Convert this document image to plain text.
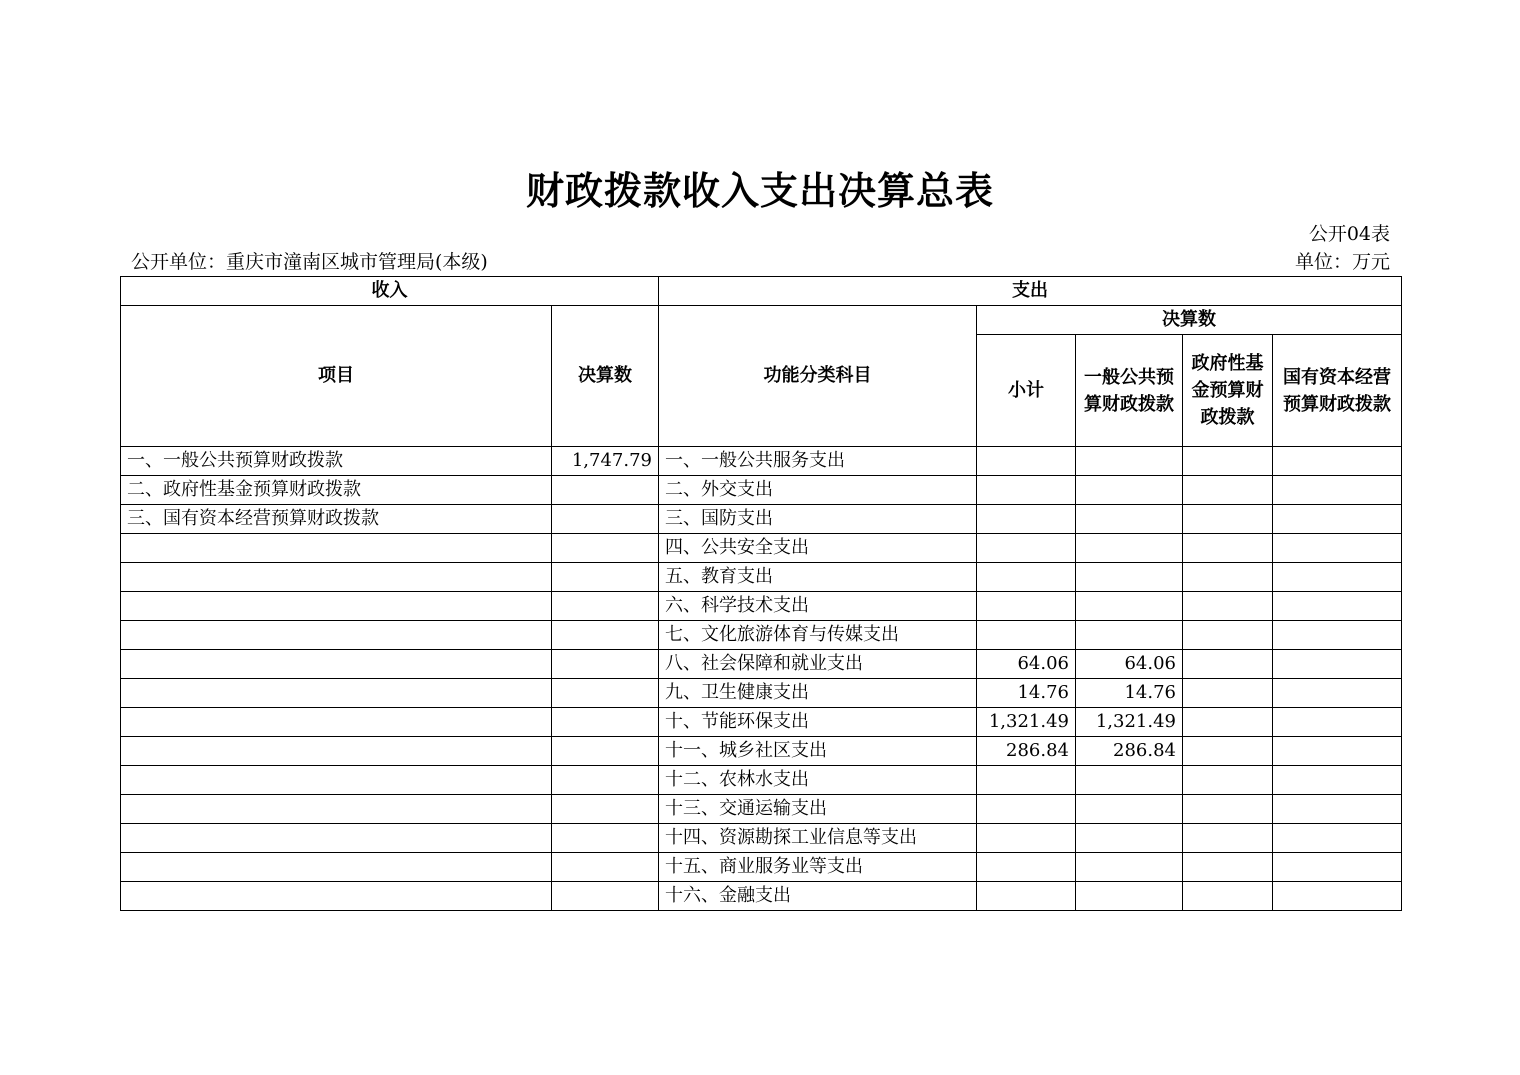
财政拨款收入支出决算总表
公开04表
公开单位：重庆市潼南区城市管理局(本级)	单位：万元
收入		支出				
项目	决算数	功能分类科目	决算数			
			小计	一般公共预算财政拨款	政府性基金预算财政拨款	国有资本经营预算财政拨款
一、一般公共预算财政拨款	1,747.79	一、一般公共服务支出				
二、政府性基金预算财政拨款		二、外交支出				
三、国有资本经营预算财政拨款		三、国防支出				
		四、公共安全支出				
		五、教育支出				
		六、科学技术支出				
		七、文化旅游体育与传媒支出				
		八、社会保障和就业支出	64.06	64.06		
		九、卫生健康支出	14.76	14.76		
		十、节能环保支出	1,321.49	1,321.49		
		十一、城乡社区支出	286.84	286.84		
		十二、农林水支出				
		十三、交通运输支出				
		十四、资源勘探工业信息等支出				
		十五、商业服务业等支出				
		十六、金融支出				
